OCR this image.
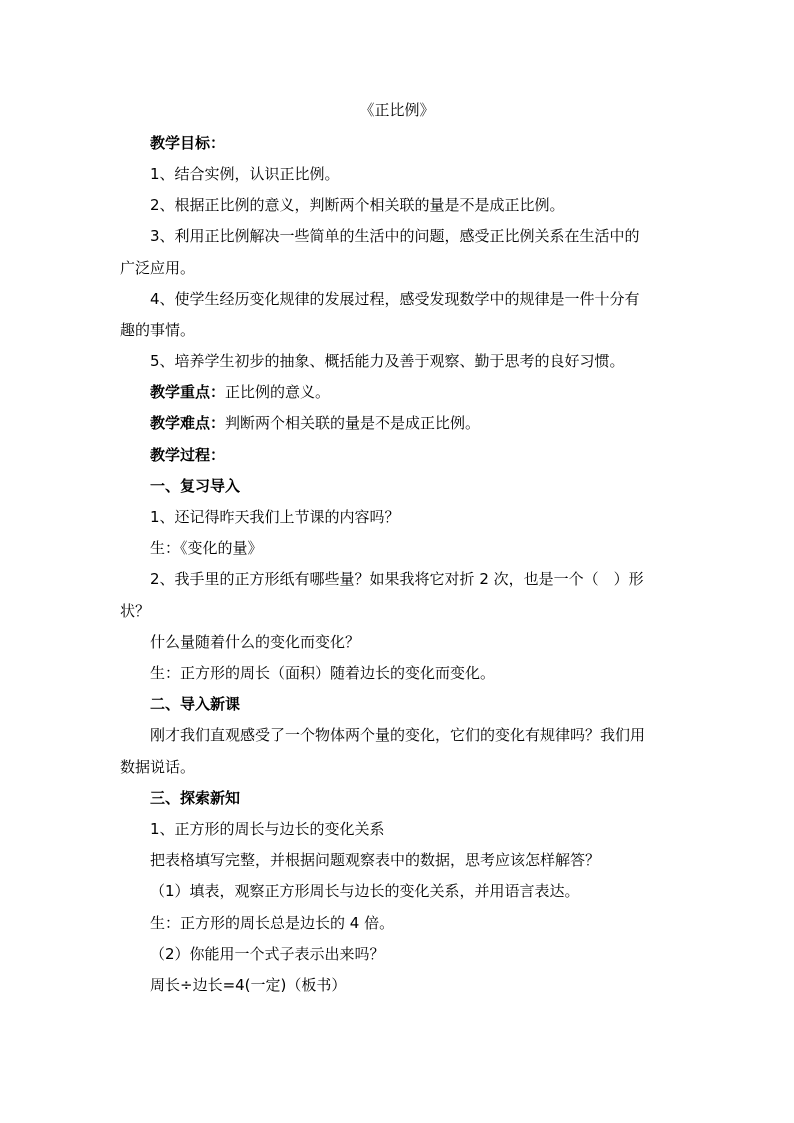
《正比例》
教学目标：
1、结合实例，认识正比例。
2、根据正比例的意义，判断两个相关联的量是不是成正比例。
3、利用正比例解决一些简单的生活中的问题，感受正比例关系在生活中的
广泛应用。
4、使学生经历变化规律的发展过程，感受发现数学中的规律是一件十分有
趣的事情。
5、培养学生初步的抽象、概括能力及善于观察、勤于思考的良好习惯。
教学重点：正比例的意义。
教学难点：判断两个相关联的量是不是成正比例。
教学过程：
一、复习导入
1、还记得昨天我们上节课的内容吗？
生：《变化的量》
2、我手里的正方形纸有哪些量？如果我将它对折 2 次，也是一个（　）形
状？
什么量随着什么的变化而变化？
生：正方形的周长（面积）随着边长的变化而变化。
二、导入新课
刚才我们直观感受了一个物体两个量的变化，它们的变化有规律吗？我们用
数据说话。
三、探索新知
1、正方形的周长与边长的变化关系
把表格填写完整，并根据问题观察表中的数据，思考应该怎样解答？
（1）填表，观察正方形周长与边长的变化关系，并用语言表达。
生：正方形的周长总是边长的 4 倍。
（2）你能用一个式子表示出来吗？
周长÷边长=4(一定)（板书）
